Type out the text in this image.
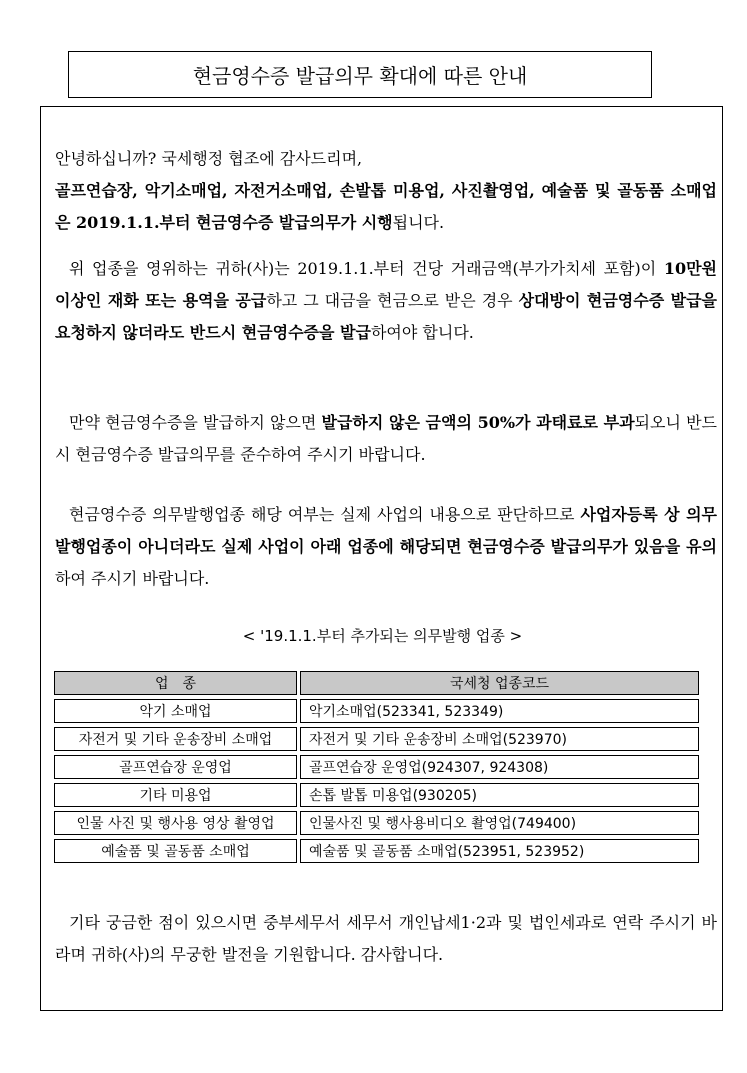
현금영수증 발급의무 확대에 따른 안내

안녕하십니까? 국세행정 협조에 감사드리며,
골프연습장, 악기소매업, 자전거소매업, 손발톱 미용업, 사진촬영업, 예술품 및 골동품 소매업은 2019.1.1.부터 현금영수증 발급의무가 시행됩니다.

위 업종을 영위하는 귀하(사)는 2019.1.1.부터 건당 거래금액(부가가치세 포함)이 10만원 이상인 재화 또는 용역을 공급하고 그 대금을 현금으로 받은 경우 상대방이 현금영수증 발급을 요청하지 않더라도 반드시 현금영수증을 발급하여야 합니다.

만약 현금영수증을 발급하지 않으면 발급하지 않은 금액의 50%가 과태료로 부과되오니 반드시 현금영수증 발급의무를 준수하여 주시기 바랍니다.

현금영수증 의무발행업종 해당 여부는 실제 사업의 내용으로 판단하므로 사업자등록 상 의무발행업종이 아니더라도 실제 사업이 아래 업종에 해당되면 현금영수증 발급의무가 있음을 유의하여 주시기 바랍니다.

< '19.1.1.부터 추가되는 의무발행 업종 >
업　종	국세청 업종코드
악기 소매업	악기소매업(523341, 523349)
자전거 및 기타 운송장비 소매업	자전거 및 기타 운송장비 소매업(523970)
골프연습장 운영업	골프연습장 운영업(924307, 924308)
기타 미용업	손톱 발톱 미용업(930205)
인물 사진 및 행사용 영상 촬영업	인물사진 및 행사용비디오 촬영업(749400)
예술품 및 골동품 소매업	예술품 및 골동품 소매업(523951, 523952)

기타 궁금한 점이 있으시면 중부세무서 세무서 개인납세1·2과 및 법인세과로 연락 주시기 바라며 귀하(사)의 무궁한 발전을 기원합니다. 감사합니다.
